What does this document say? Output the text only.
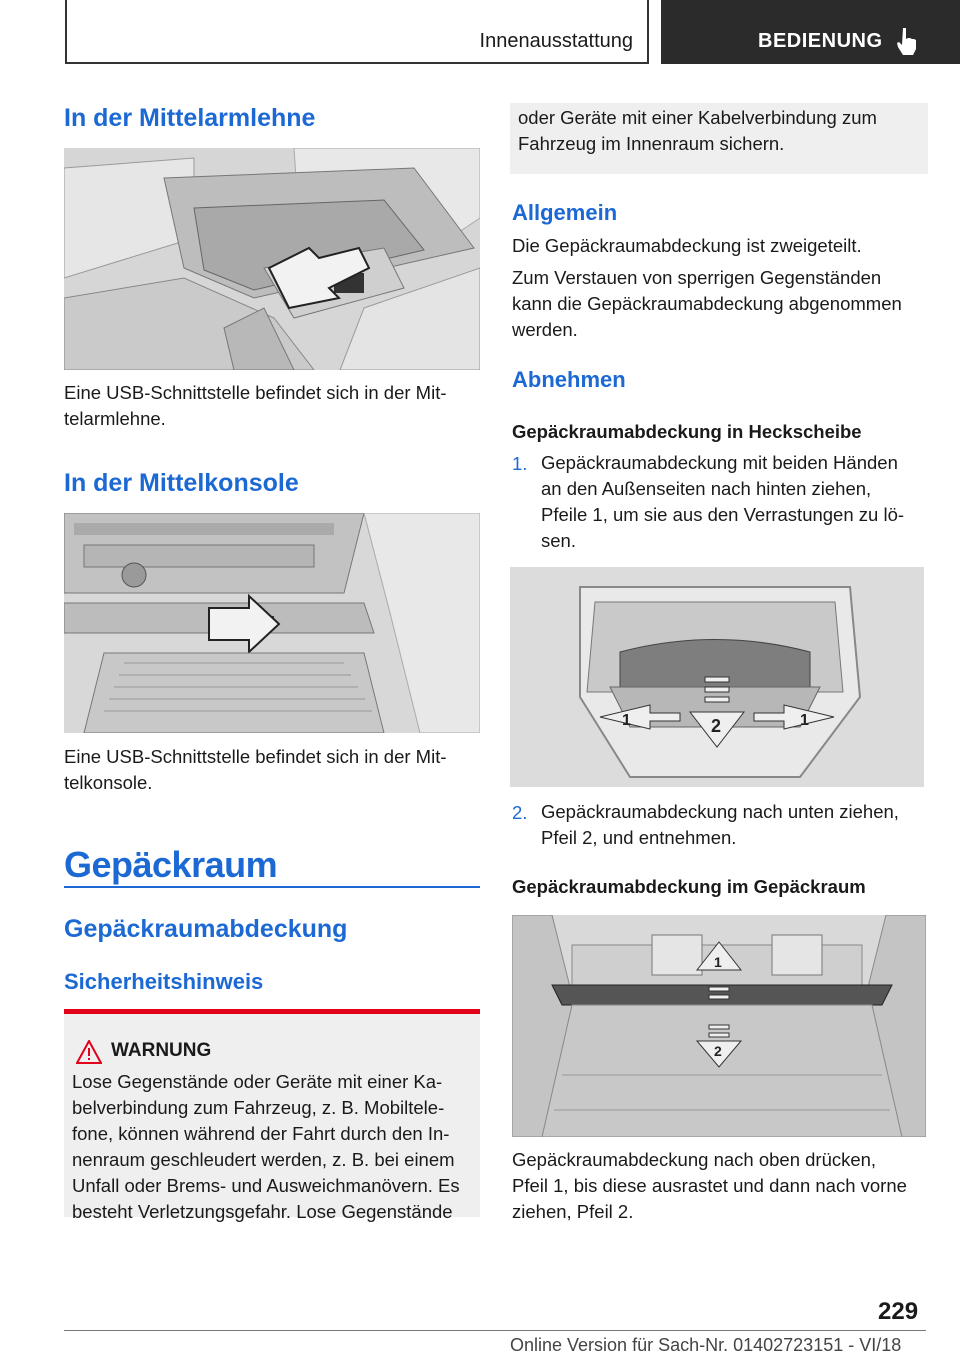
Innenausstattung	BEDIENUNG
In der Mittelarmlehne
Eine USB-Schnittstelle befindet sich in der Mit-
telarmlehne.
In der Mittelkonsole
Eine USB-Schnittstelle befindet sich in der Mit-
telkonsole.
Gepäckraum
Gepäckraumabdeckung
Sicherheitshinweis
WARNUNG
Lose Gegenstände oder Geräte mit einer Ka-
belverbindung zum Fahrzeug, z. B. Mobiltele-
fone, können während der Fahrt durch den In-
nenraum geschleudert werden, z. B. bei einem
Unfall oder Brems- und Ausweichmanövern. Es
besteht Verletzungsgefahr. Lose Gegenstände
oder Geräte mit einer Kabelverbindung zum
Fahrzeug im Innenraum sichern.
Allgemein
Die Gepäckraumabdeckung ist zweigeteilt.
Zum Verstauen von sperrigen Gegenständen
kann die Gepäckraumabdeckung abgenommen
werden.
Abnehmen
Gepäckraumabdeckung in Heckscheibe
1. Gepäckraumabdeckung mit beiden Händen
an den Außenseiten nach hinten ziehen,
Pfeile 1, um sie aus den Verrastungen zu lö-
sen.
1	2	1
2. Gepäckraumabdeckung nach unten ziehen,
Pfeil 2, und entnehmen.
Gepäckraumabdeckung im Gepäckraum
1
2
Gepäckraumabdeckung nach oben drücken,
Pfeil 1, bis diese ausrastet und dann nach vorne
ziehen, Pfeil 2.
229
Online Version für Sach-Nr. 01402723151 - VI/18
